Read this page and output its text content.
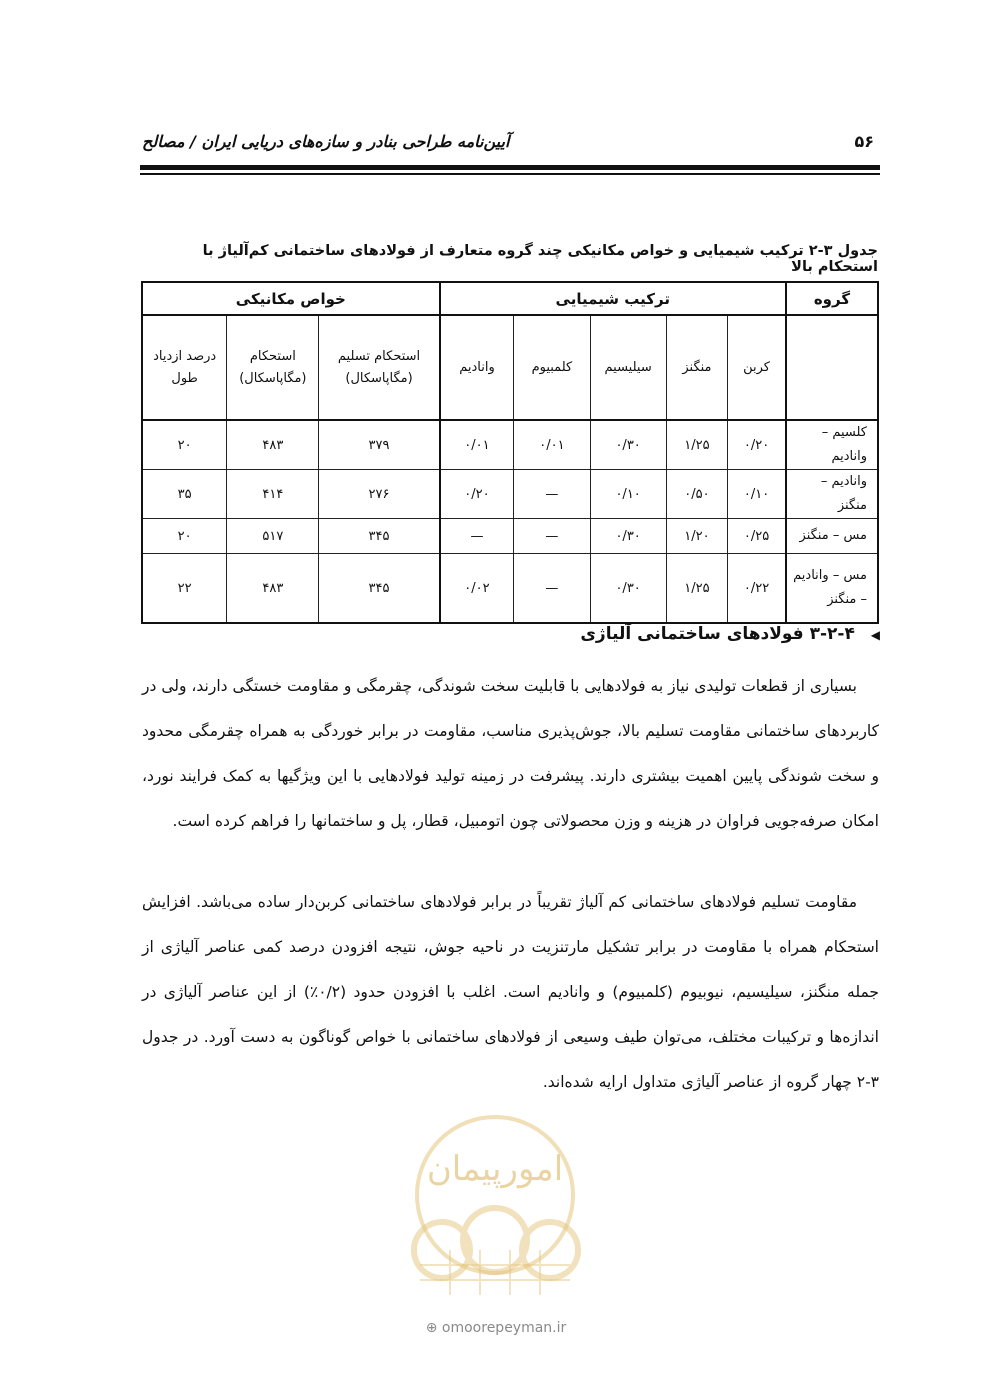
۵۶
آیین‌نامه طراحی بنادر و سازه‌های دریایی ایران / مصالح
جدول ۳-۲ ترکیب شیمیایی و خواص مکانیکی چند گروه متعارف از فولادهای ساختمانی کم‌آلیاژ با استحکام بالا
گروه	ترکیب شیمیایی					خواص مکانیکی		
	کربن	منگنز	سیلیسیم	کلمبیوم	وانادیم	استحکام تسلیم (مگاپاسکال)	استحکام (مگاپاسکال)	درصد ازدیاد طول
کلسیم – وانادیم	۰/۲۰	۱/۲۵	۰/۳۰	۰/۰۱	۰/۰۱	۳۷۹	۴۸۳	۲۰
وانادیم – منگنز	۰/۱۰	۰/۵۰	۰/۱۰	—	۰/۲۰	۲۷۶	۴۱۴	۳۵
مس – منگنز	۰/۲۵	۱/۲۰	۰/۳۰	—	—	۳۴۵	۵۱۷	۲۰
مس – وانادیم – منگنز	۰/۲۲	۱/۲۵	۰/۳۰	—	۰/۰۲	۳۴۵	۴۸۳	۲۲
◀ ۳-۲-۴ فولادهای ساختمانی آلیاژی

بسیاری از قطعات تولیدی نیاز به فولادهایی با قابلیت سخت شوندگی، چقرمگی و مقاومت خستگی دارند، ولی در کاربردهای ساختمانی مقاومت تسلیم بالا، جوش‌پذیری مناسب، مقاومت در برابر خوردگی به همراه چقرمگی محدود و سخت شوندگی پایین اهمیت بیشتری دارند. پیشرفت در زمینه تولید فولادهایی با این ویژگیها به کمک فرایند نورد، امکان صرفه‌جویی فراوان در هزینه و وزن محصولاتی چون اتومبیل، قطار، پل و ساختمانها را فراهم کرده است.

مقاومت تسلیم فولادهای ساختمانی کم آلیاژ تقریباً در برابر فولادهای ساختمانی کربن‌دار ساده می‌باشد. افزایش استحکام همراه با مقاومت در برابر تشکیل مارتنزیت در ناحیه جوش، نتیجه افزودن درصد کمی عناصر آلیاژی از جمله منگنز، سیلیسیم، نیوبیوم (کلمبیوم) و وانادیم است. اغلب با افزودن حدود (۰/۲٪) از این عناصر آلیاژی در اندازه‌ها و ترکیبات مختلف، می‌توان طیف وسیعی از فولادهای ساختمانی با خواص گوناگون به دست آورد. در جدول ۳-۲ چهار گروه از عناصر آلیاژی متداول ارایه شده‌اند.

امورپیمان
⊕ omoorepeyman.ir
